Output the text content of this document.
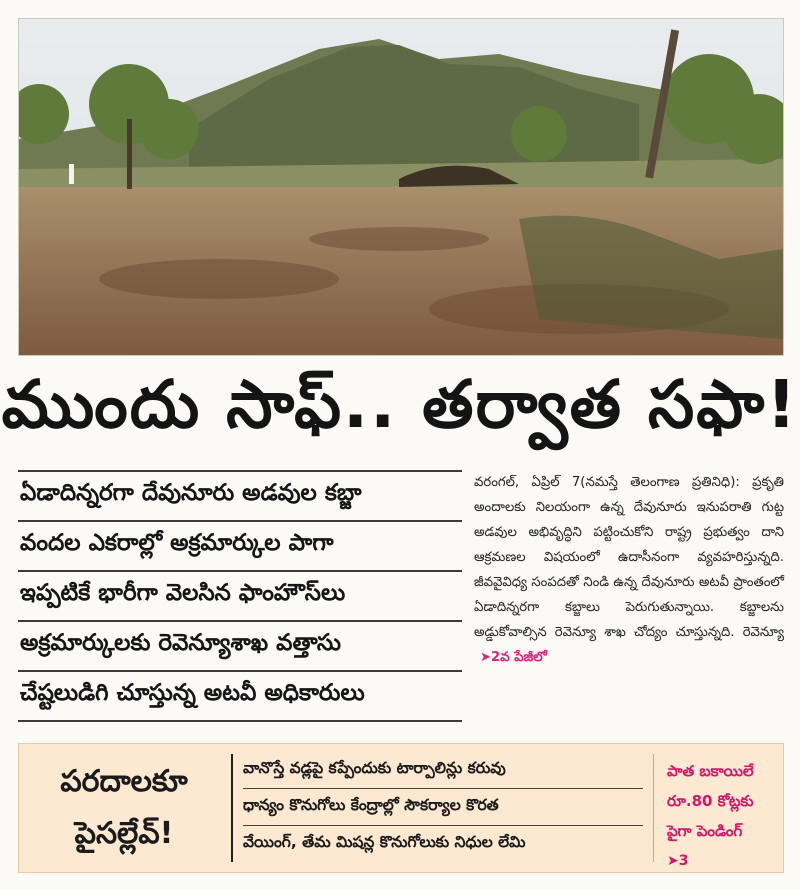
ముందు సాఫ్‌.. తర్వాత సఫా!
ఏడాదిన్నరగా దేవునూరు అడవుల కబ్జా
వందల ఎకరాల్లో అక్రమార్కుల పాగా
ఇప్పటికే భారీగా వెలసిన ఫాంహౌస్‌లు
అక్రమార్కులకు రెవెన్యూశాఖ వత్తాసు
చేష్టలుడిగి చూస్తున్న అటవీ అధికారులు
వరంగల్‌, ఏప్రిల్‌ 7(నమస్తే తెలంగాణ ప్రతినిధి): ప్రకృతి అందాలకు నిలయంగా ఉన్న దేవునూరు ఇనుపరాతి గుట్ట అడవుల అభివృద్ధిని పట్టించుకోని రాష్ట్ర ప్రభుత్వం దాని ఆక్రమణల విషయంలో ఉదాసీనంగా వ్యవహరిస్తున్నది. జీవవైవిధ్య సంపదతో నిండి ఉన్న దేవునూరు అటవీ ప్రాంతంలో ఏడాదిన్నరగా కబ్జాలు పెరుగుతున్నాయి. కబ్జాలను అడ్డుకోవాల్సిన రెవెన్యూ శాఖ చోద్యం చూస్తున్నది. రెవెన్యూ ➤2వ పేజీలో
పరదాలకూ
పైసల్లేవ్‌!
వానొస్తే వడ్లపై కప్పేందుకు టార్పాలిన్లు కరువు
ధాన్యం కొనుగోలు కేంద్రాల్లో సౌకర్యాల కొరత
వేయింగ్‌, తేమ మిషన్ల కొనుగోలుకు నిధుల లేమి
పాత బకాయిలే
రూ.80 కోట్లకు
పైగా పెండింగ్‌
➤3
